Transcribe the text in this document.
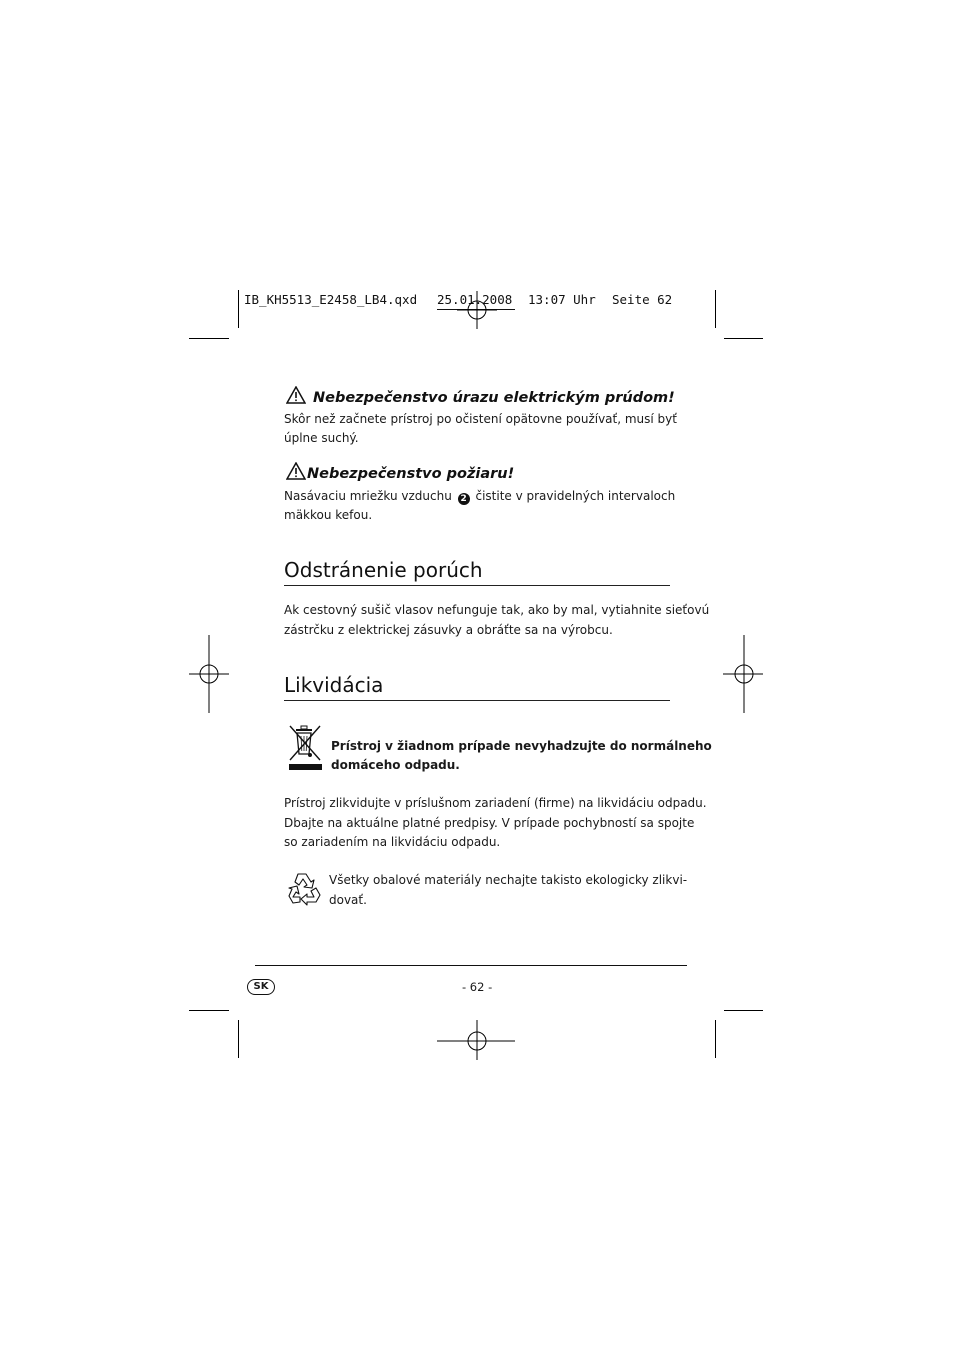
IB_KH5513_E2458_LB4.qxd 25.01.2008 13:07 Uhr Seite 62
Nebezpečenstvo úrazu elektrickým prúdom!
Skôr než začnete prístroj po očistení opätovne používať, musí byť
úplne suchý.
Nebezpečenstvo požiaru!
Nasávaciu mriežku vzduchu 2 čistite v pravidelných intervaloch
mäkkou kefou.
Odstránenie porúch
Ak cestovný sušič vlasov nefunguje tak, ako by mal, vytiahnite sieťovú
zástrčku z elektrickej zásuvky a obráťte sa na výrobcu.
Likvidácia
Prístroj v žiadnom prípade nevyhadzujte do normálneho
domáceho odpadu.
Prístroj zlikvidujte v príslušnom zariadení (firme) na likvidáciu odpadu.
Dbajte na aktuálne platné predpisy. V prípade pochybností sa spojte
so zariadením na likvidáciu odpadu.
Všetky obalové materiály nechajte takisto ekologicky zlikvi-
dovať.
SK	- 62 -
